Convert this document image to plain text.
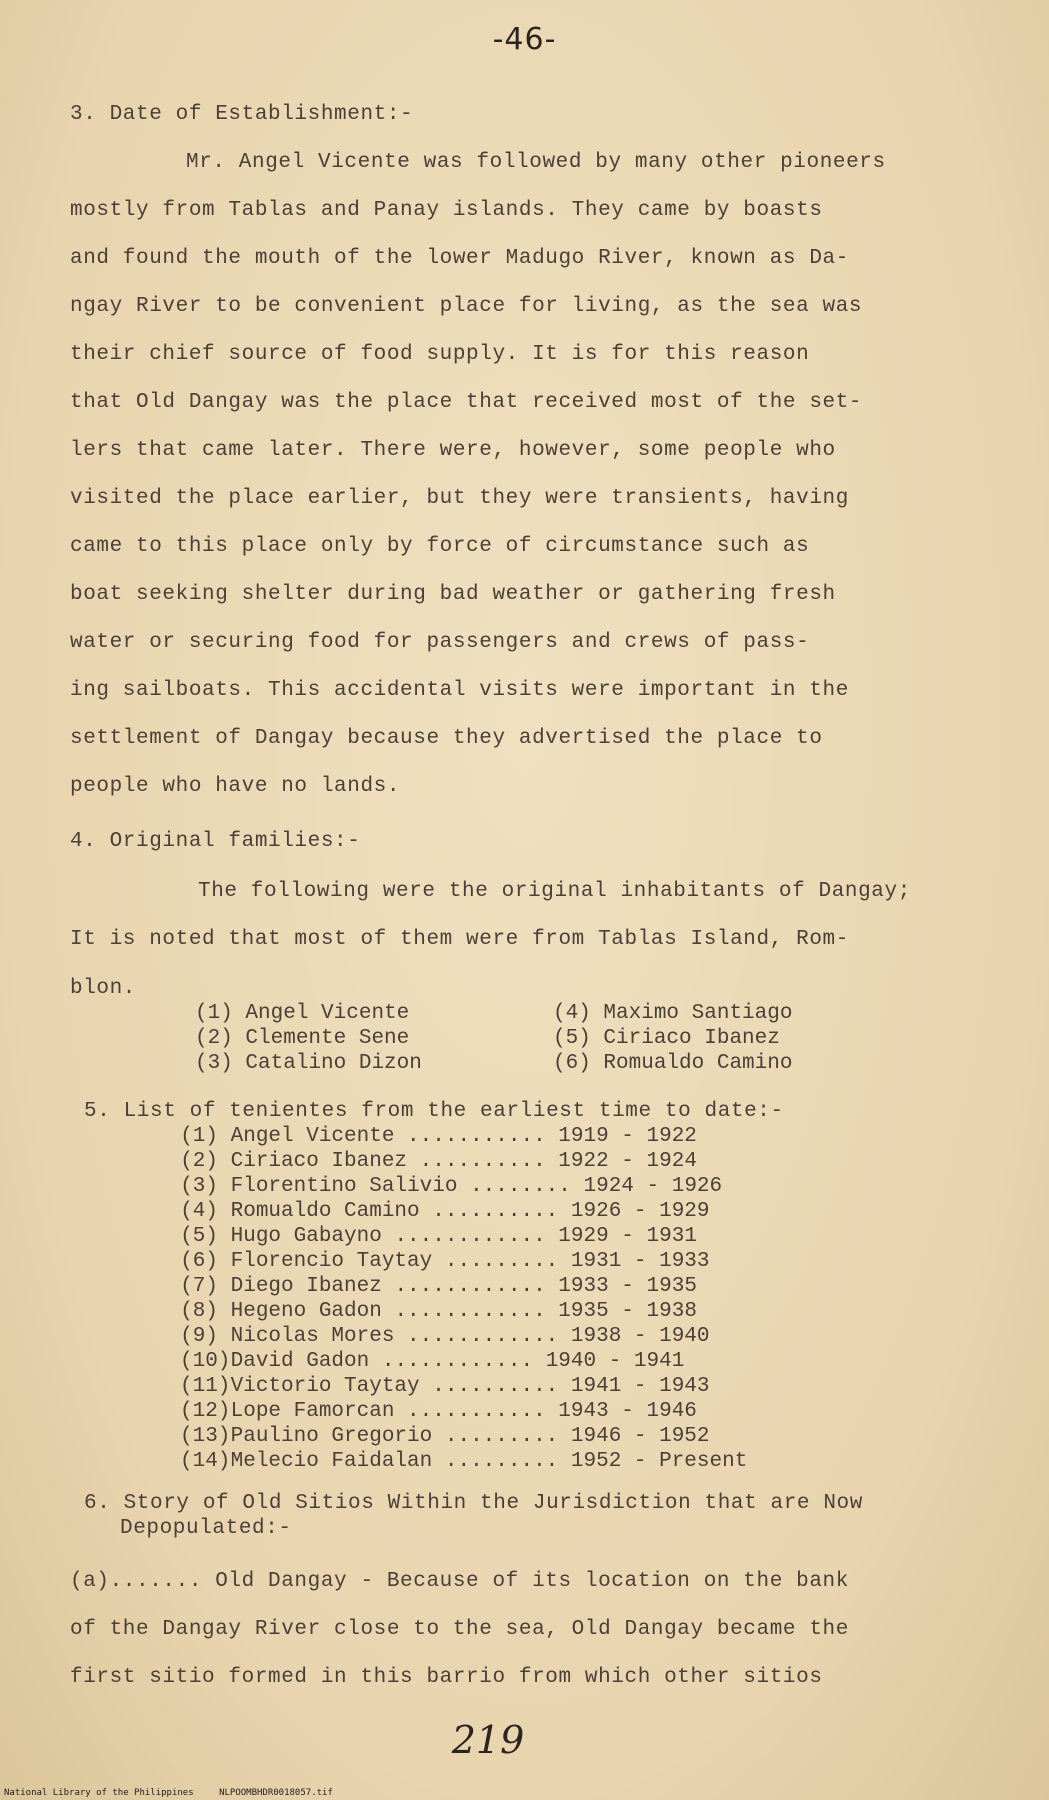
-46-
3. Date of Establishment:-
Mr. Angel Vicente was followed by many other pioneers
mostly from Tablas and Panay islands. They came by boasts
and found the mouth of the lower Madugo River, known as Da-
ngay River to be convenient place for living, as the sea was
their chief source of food supply. It is for this reason
that Old Dangay was the place that received most of the set-
lers that came later. There were, however, some people who
visited the place earlier, but they were transients, having
came to this place only by force of circumstance such as
boat seeking shelter during bad weather or gathering fresh
water or securing food for passengers and crews of pass-
ing sailboats. This accidental visits were important in the
settlement of Dangay because they advertised the place to
people who have no lands.
4. Original families:-
The following were the original inhabitants of Dangay;
It is noted that most of them were from Tablas Island, Rom-
blon.
(1) Angel Vicente
(2) Clemente Sene
(3) Catalino Dizon
(4) Maximo Santiago
(5) Ciriaco Ibanez
(6) Romualdo Camino
5. List of tenientes from the earliest time to date:-
(1) Angel Vicente ........... 1919 - 1922
(2) Ciriaco Ibanez .......... 1922 - 1924
(3) Florentino Salivio ........ 1924 - 1926
(4) Romualdo Camino .......... 1926 - 1929
(5) Hugo Gabayno ............ 1929 - 1931
(6) Florencio Taytay ......... 1931 - 1933
(7) Diego Ibanez ............ 1933 - 1935
(8) Hegeno Gadon ............ 1935 - 1938
(9) Nicolas Mores ............ 1938 - 1940
(10) David Gadon ............ 1940 - 1941
(11) Victorio Taytay .......... 1941 - 1943
(12) Lope Famorcan ........... 1943 - 1946
(13) Paulino Gregorio ......... 1946 - 1952
(14) Melecio Faidalan ......... 1952 - Present
6. Story of Old Sitios Within the Jurisdiction that are Now
Depopulated:-
(a)....... Old Dangay - Because of its location on the bank
of the Dangay River close to the sea, Old Dangay became the
first sitio formed in this barrio from which other sitios
219
National Library of the Philippines	NLPOOMBHDR0018057.tif
